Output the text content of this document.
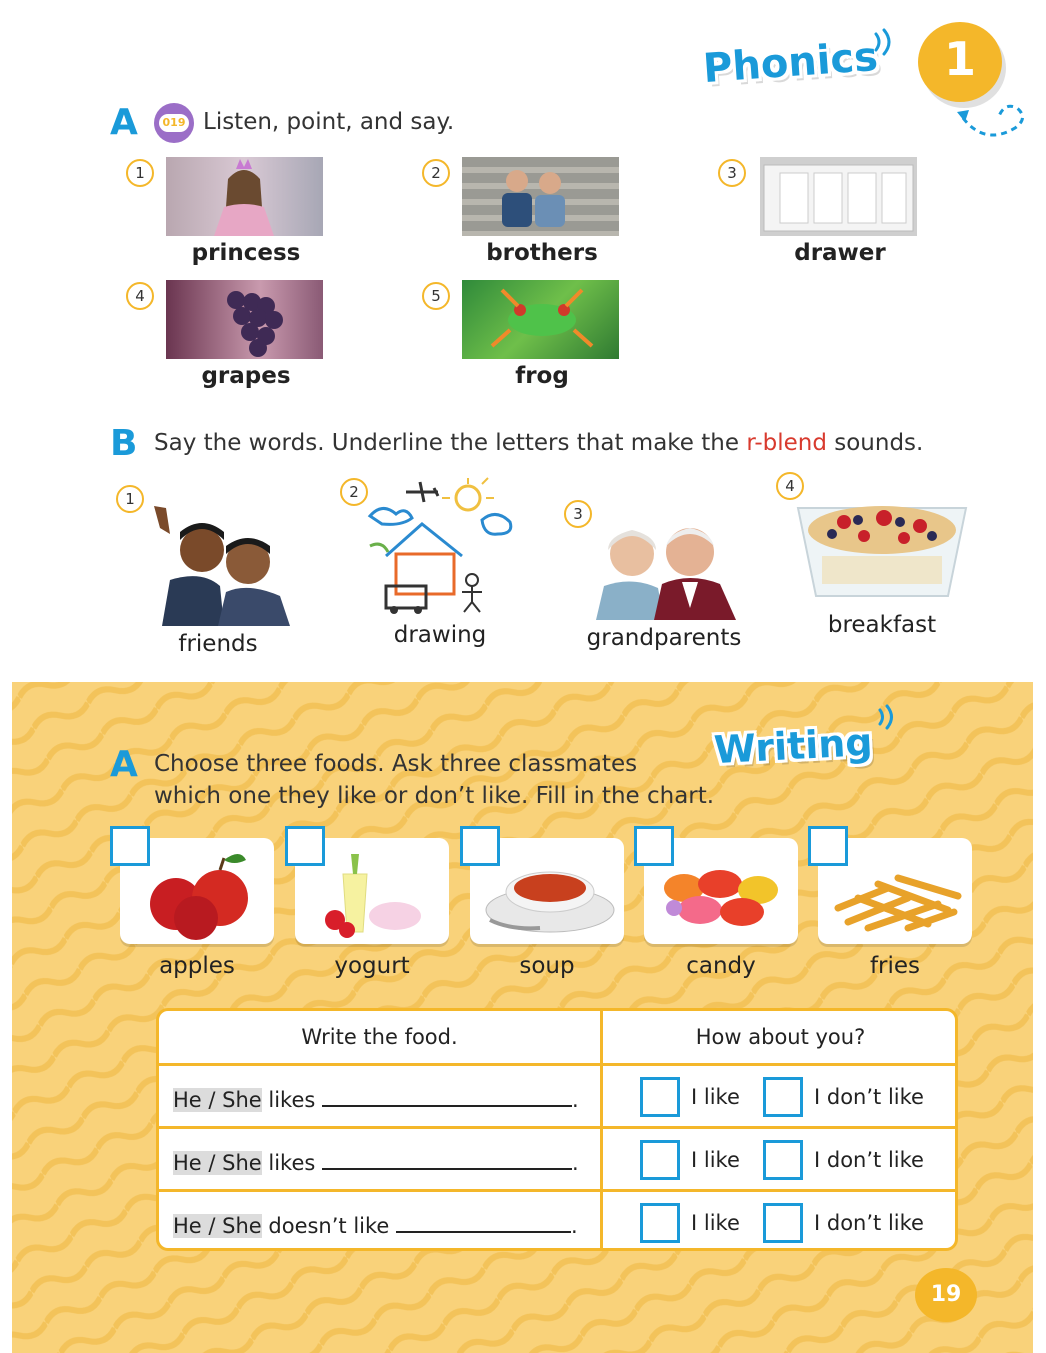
Phonics	1
A	019 Listen, point, and say.
1
princess
2
brothers
3
drawer
4
grapes
5
frog
B Say the words. Underline the letters that make the r-blend sounds.
1
friends
2
drawing
3
grandparents
4
breakfast
Writing
A Choose three foods. Ask three classmates
which one they like or don’t like. Fill in the chart.
apples	yogurt	soup	candy	fries
Write the food.	How about you?
He / She likes	.	I like	I don’t like
He / She likes	.	I like	I don’t like
He / She doesn’t like	.	I like	I don’t like
19
